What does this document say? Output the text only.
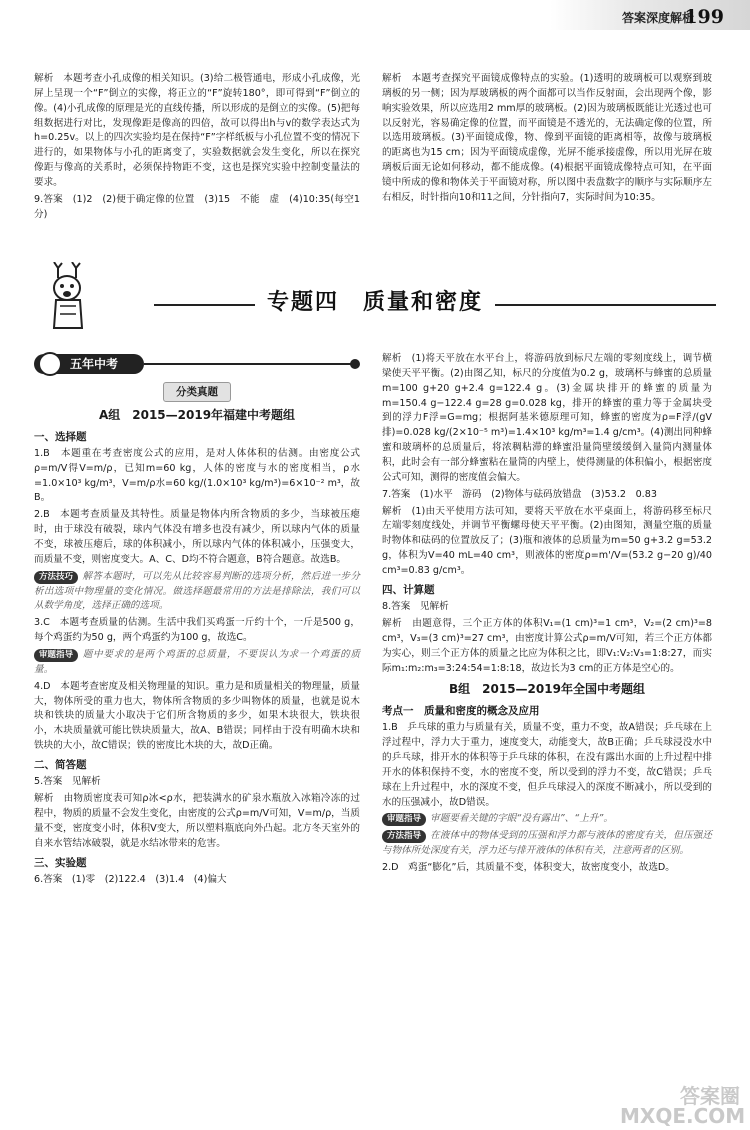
答案深度解析
199

解析　本题考查小孔成像的相关知识。(3)给二极管通电，形成小孔成像，光屏上呈现一个“F”倒立的实像，将正立的“F”旋转180°，即可得到“F”倒立的像。(4)小孔成像的原理是光的直线传播，所以形成的是倒立的实像。(5)把每组数据进行对比，发现像距是像高的四倍，故可以得出h与v的数学表达式为h=0.25v。以上的四次实验均是在保持“F”字样纸板与小孔位置不变的情况下进行的，如果物体与小孔的距离变了，实验数据就会发生变化，所以在探究像距与像高的关系时，必须保持物距不变，这也是探究实验中控制变量法的要求。

9.答案　(1)2　(2)便于确定像的位置　(3)15　不能　虚　(4)10:35(每空1分)

解析　本题考查探究平面镜成像特点的实验。(1)透明的玻璃板可以观察到玻璃板的另一侧；因为厚玻璃板的两个面都可以当作反射面，会出现两个像，影响实验效果，所以应选用2 mm厚的玻璃板。(2)因为玻璃板既能让光透过也可以反射光，容易确定像的位置，而平面镜是不透光的，无法确定像的位置，所以选用玻璃板。(3)平面镜成像，物、像到平面镜的距离相等，故像与玻璃板的距离也为15 cm；因为平面镜成虚像，光屏不能承接虚像，所以用光屏在玻璃板后面无论如何移动，都不能成像。(4)根据平面镜成像特点可知，在平面镜中所成的像和物体关于平面镜对称，所以图中表盘数字的顺序与实际顺序左右相反，时针指向10和11之间，分针指向7，实际时间为10:35。

专题四　质量和密度
五年中考
分类真题
A组　2015—2019年福建中考题组
一、选择题

1.B　本题重在考查密度公式的应用，是对人体体积的估测。由密度公式ρ=m/V得V=m/ρ，已知m=60 kg，人体的密度与水的密度相当，ρ水=1.0×10³ kg/m³，V=m/ρ水=60 kg/(1.0×10³ kg/m³)=6×10⁻² m³，故B。

2.B　本题考查质量及其特性。质量是物体内所含物质的多少，当球被压瘪时，由于球没有破裂，球内气体没有增多也没有减少，所以球内气体的质量不变，球被压瘪后，球的体积减小，所以球内气体的体积减小，压强变大，而质量不变，则密度变大。A、C、D均不符合题意，B符合题意。故选B。

方法技巧 解答本题时，可以先从比较容易判断的选项分析，然后进一步分析出选项中物理量的变化情况。做选择题最常用的方法是排除法，我们可以从数学角度，选择正确的选项。

3.C　本题考查质量的估测。生活中我们买鸡蛋一斤约十个，一斤是500 g，每个鸡蛋约为50 g，两个鸡蛋约为100 g，故选C。

审题指导 题中要求的是两个鸡蛋的总质量，不要误认为求一个鸡蛋的质量。

4.D　本题考查密度及相关物理量的知识。重力是和质量相关的物理量，质量大，物体所受的重力也大，物体所含物质的多少叫物体的质量，也就是说木块和铁块的质量大小取决于它们所含物质的多少，如果木块很大，铁块很小，木块质量就可能比铁块质量大，故A、B错误；同样由于没有明确木块和铁块的大小，故C错误；铁的密度比木块的大，故D正确。

二、简答题

5.答案　见解析

解析　由物质密度表可知ρ冰<ρ水，把装满水的矿泉水瓶放入冰箱冷冻的过程中，物质的质量不会发生变化，由密度的公式ρ=m/V可知，V=m/ρ，当质量不变，密度变小时，体积V变大，所以塑料瓶底向外凸起。北方冬天室外的自来水管结冰破裂，就是水结冰带来的危害。

三、实验题

6.答案　(1)零　(2)122.4　(3)1.4　(4)偏大

解析　(1)将天平放在水平台上，将游码放到标尺左端的零刻度线上，调节横梁使天平平衡。(2)由图乙知，标尺的分度值为0.2 g，玻璃杯与蜂蜜的总质量m=100 g+20 g+2.4 g=122.4 g。(3)金属块排开的蜂蜜的质量为m=150.4 g−122.4 g=28 g=0.028 kg，排开的蜂蜜的重力等于金属块受到的浮力F浮=G=mg；根据阿基米德原理可知，蜂蜜的密度为ρ=F浮/(gV排)=0.028 kg/(2×10⁻⁵ m³)=1.4×10³ kg/m³=1.4 g/cm³。(4)测出同种蜂蜜和玻璃杯的总质量后，将浓稠粘滞的蜂蜜沿量筒壁缓缓倒入量筒内测量体积，此时会有一部分蜂蜜粘在量筒的内壁上，使得测量的体积偏小，根据密度公式可知，测得的密度值会偏大。

7.答案　(1)水平　游码　(2)物体与砝码放错盘　(3)53.2　0.83

解析　(1)由天平使用方法可知，要将天平放在水平桌面上，将游码移至标尺左端零刻度线处，并调节平衡螺母使天平平衡。(2)由图知，测量空瓶的质量时物体和砝码的位置放反了；(3)瓶和液体的总质量为m=50 g+3.2 g=53.2 g，体积为V=40 mL=40 cm³，则液体的密度ρ=m'/V=(53.2 g−20 g)/40 cm³=0.83 g/cm³。

四、计算题

8.答案　见解析

解析　由题意得，三个正方体的体积V₁=(1 cm)³=1 cm³，V₂=(2 cm)³=8 cm³，V₃=(3 cm)³=27 cm³，由密度计算公式ρ=m/V可知，若三个正方体都为实心，则三个正方体的质量之比应为体积之比，即V₁:V₂:V₃=1:8:27，而实际m₁:m₂:m₃=3:24:54=1:8:18，故边长为3 cm的正方体是空心的。

B组　2015—2019年全国中考题组
考点一　质量和密度的概念及应用

1.B　乒乓球的重力与质量有关，质量不变，重力不变，故A错误；乒乓球在上浮过程中，浮力大于重力，速度变大，动能变大，故B正确；乒乓球浸没水中的乒乓球，排开水的体积等于乒乓球的体积，在没有露出水面的上升过程中排开水的体积保持不变，水的密度不变，所以受到的浮力不变，故C错误；乒乓球在上升过程中，水的深度不变，但乒乓球浸入的深度不断减小，所以受到的水的压强减小，故D错误。

审题指导 审题要看关键的字眼“没有露出”、“上升”。

方法指导 在液体中的物体受到的压强和浮力都与液体的密度有关，但压强还与物体所处深度有关，浮力还与排开液体的体积有关，注意两者的区别。

2.D　鸡蛋“膨化”后，其质量不变，体积变大，故密度变小，故选D。

答案圈 MXQE.COM
